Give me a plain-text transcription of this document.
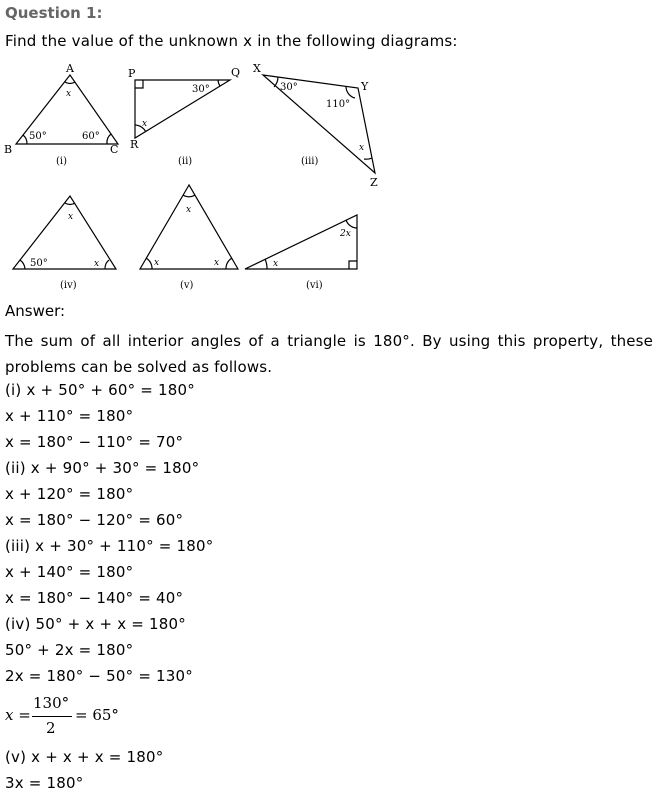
Question 1:
Find the value of the unknown x in the following diagrams:
A
B	C
x
50°	60°
(i)
P	Q
R
30°
x
(ii)
X
Y
Z
30°
110°
x
(iii)
50°
x
x
(iv)
x
x
x
(v)
x
2x
(vi)
Answer:
The sum of all interior angles of a triangle is 180°. By using this property, these problems can be solved as follows.
(i) x + 50° + 60° = 180°
x + 110° = 180°
x = 180° − 110° = 70°
(ii) x + 90° + 30° = 180°
x + 120° = 180°
x = 180° − 120° = 60°
(iii) x + 30° + 110° = 180°
x + 140° = 180°
x = 180° − 140° = 40°
(iv) 50° + x + x = 180°
50° + 2x = 180°
2x = 180° − 50° = 130°
x =
130°
2
= 65°
(v) x + x + x = 180°
3x = 180°
